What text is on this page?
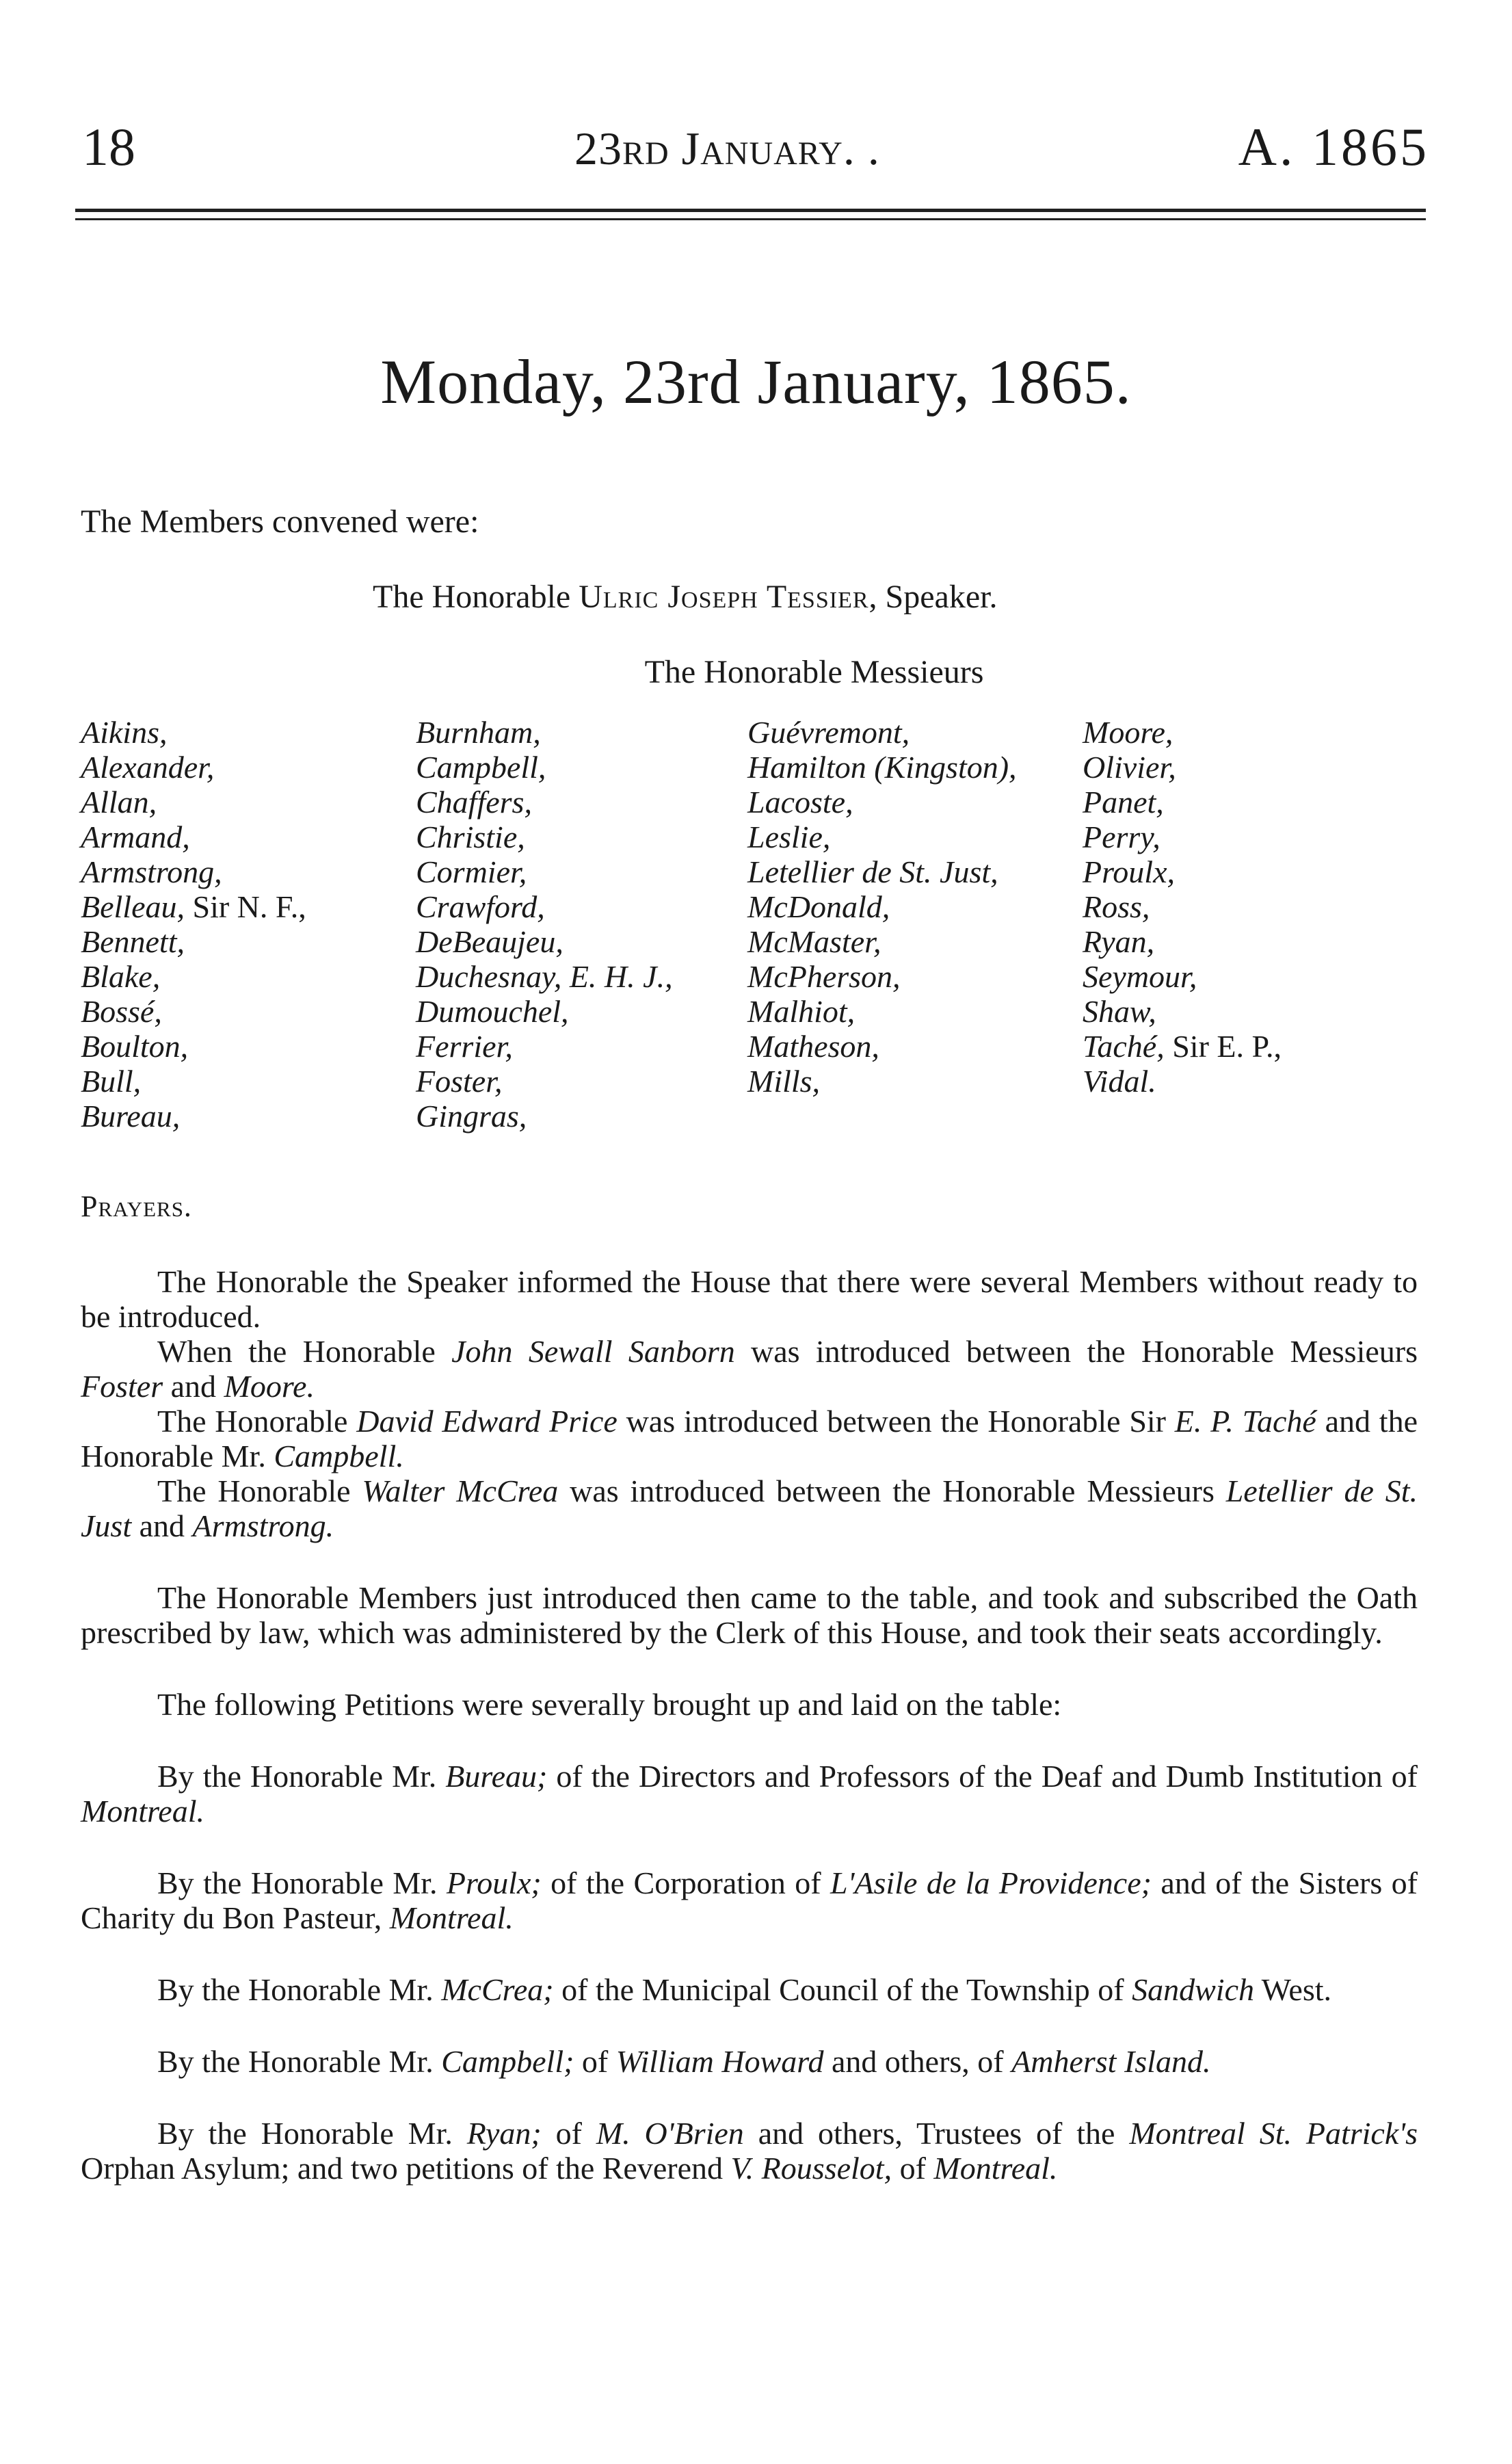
18	23rd January. .	A. 1865
Monday, 23rd January, 1865.
The Members convened were:
The Honorable Ulric Joseph Tessier, Speaker.
The Honorable Messieurs
Aikins,
Alexander,
Allan,
Armand,
Armstrong,
Belleau, Sir N. F.,
Bennett,
Blake,
Bossé,
Boulton,
Bull,
Bureau,
Burnham,
Campbell,
Chaffers,
Christie,
Cormier,
Crawford,
DeBeaujeu,
Duchesnay, E. H. J.,
Dumouchel,
Ferrier,
Foster,
Gingras,
Guévremont,
Hamilton (Kingston),
Lacoste,
Leslie,
Letellier de St. Just,
McDonald,
McMaster,
McPherson,
Malhiot,
Matheson,
Mills,
Moore,
Olivier,
Panet,
Perry,
Proulx,
Ross,
Ryan,
Seymour,
Shaw,
Taché, Sir E. P.,
Vidal.
Prayers.

The Honorable the Speaker informed the House that there were several Members without ready to be introduced.

When the Honorable John Sewall Sanborn was introduced between the Honorable Messieurs Foster and Moore.

The Honorable David Edward Price was introduced between the Honorable Sir E. P. Taché and the Honorable Mr. Campbell.

The Honorable Walter McCrea was introduced between the Honorable Messieurs Letellier de St. Just and Armstrong.

The Honorable Members just introduced then came to the table, and took and subscribed the Oath prescribed by law, which was administered by the Clerk of this House, and took their seats accordingly.

The following Petitions were severally brought up and laid on the table:

By the Honorable Mr. Bureau; of the Directors and Professors of the Deaf and Dumb Institution of Montreal.

By the Honorable Mr. Proulx; of the Corporation of L'Asile de la Providence; and of the Sisters of Charity du Bon Pasteur, Montreal.

By the Honorable Mr. McCrea; of the Municipal Council of the Township of Sandwich West.

By the Honorable Mr. Campbell; of William Howard and others, of Amherst Island.

By the Honorable Mr. Ryan; of M. O'Brien and others, Trustees of the Montreal St. Patrick's Orphan Asylum; and two petitions of the Reverend V. Rousselot, of Montreal.
